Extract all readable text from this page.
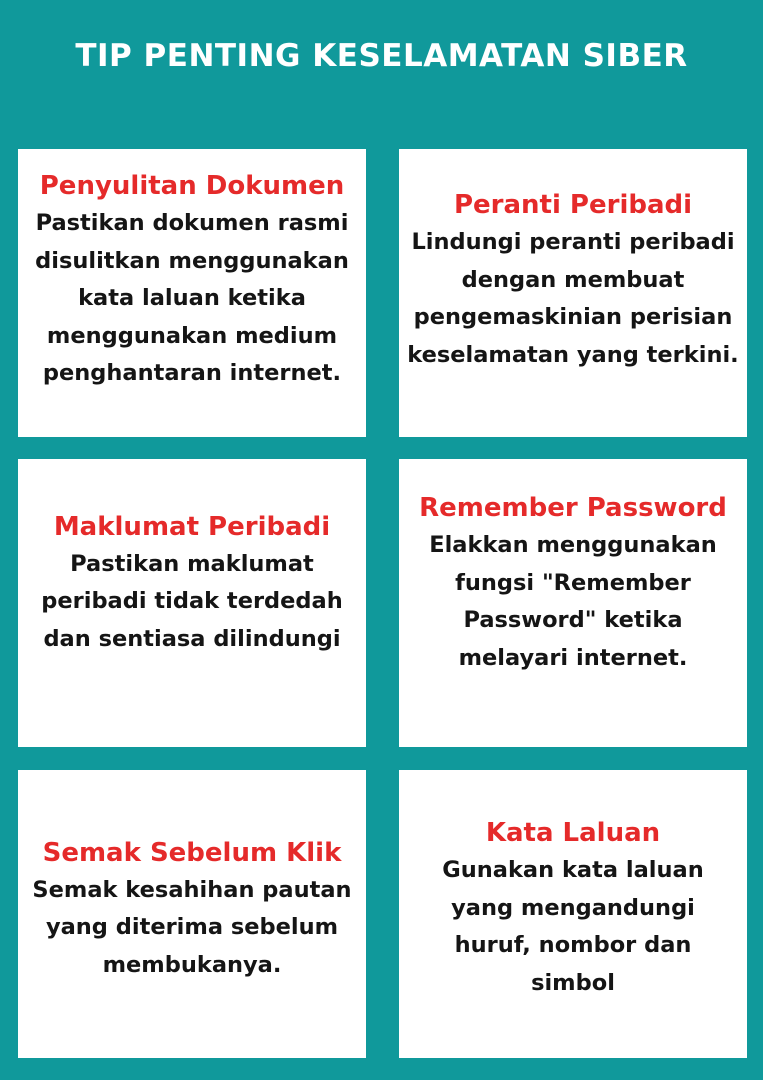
TIP PENTING KESELAMATAN SIBER
Penyulitan Dokumen
Pastikan dokumen rasmi disulitkan menggunakan kata laluan ketika menggunakan medium penghantaran internet.
Peranti Peribadi
Lindungi peranti peribadi dengan membuat pengemaskinian perisian keselamatan yang terkini.
Maklumat Peribadi
Pastikan maklumat peribadi tidak terdedah dan sentiasa dilindungi
Remember Password
Elakkan menggunakan fungsi "Remember Password" ketika melayari internet.
Semak Sebelum Klik
Semak kesahihan pautan yang diterima sebelum membukanya.
Kata Laluan
Gunakan kata laluan yang mengandungi huruf, nombor dan simbol
